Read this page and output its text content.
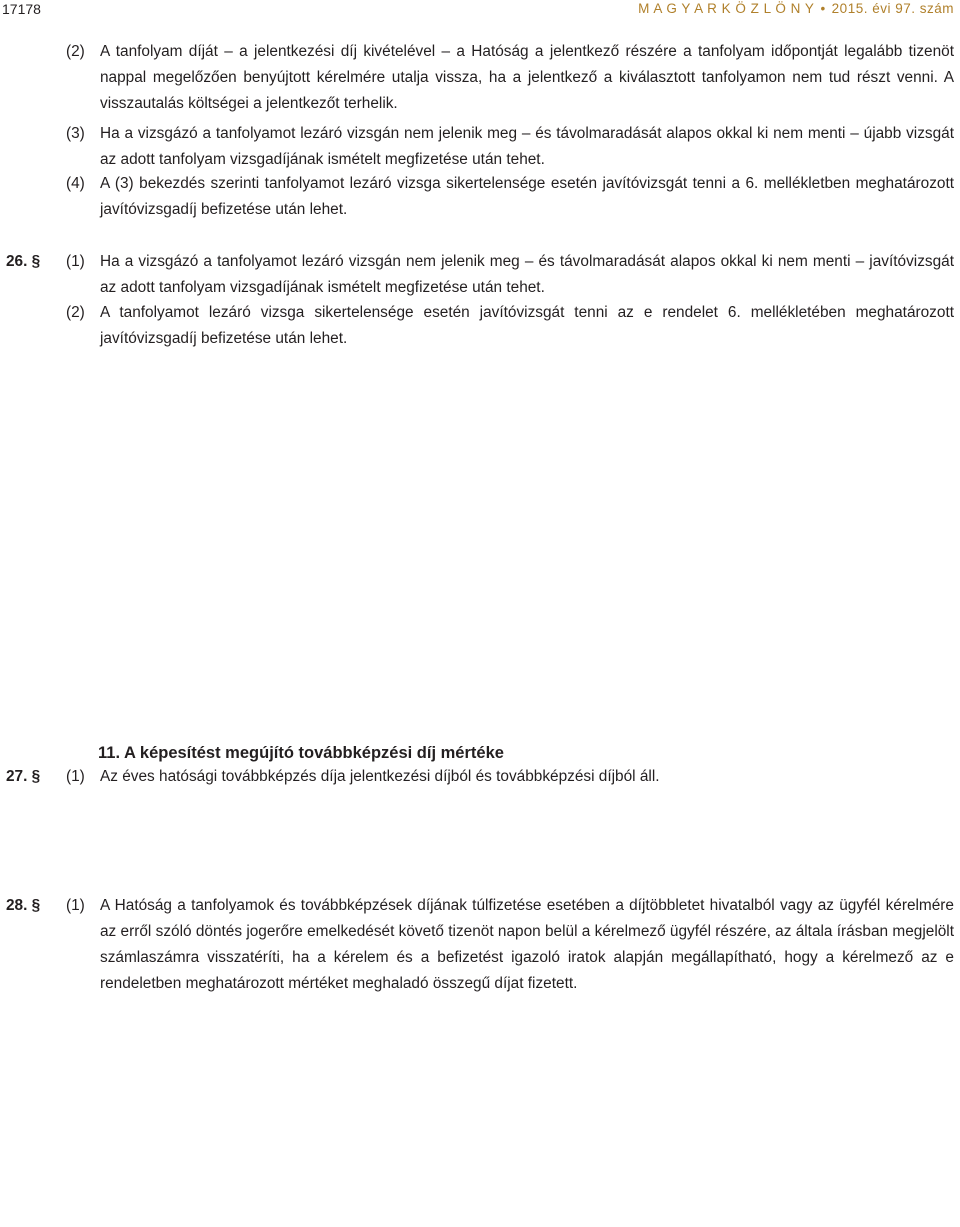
17178	M A G Y A R K Ö Z L Ö N Y • 2015. évi 97. szám
(2) A tanfolyam díját – a jelentkezési díj kivételével – a Hatóság a jelentkező részére a tanfolyam időpontját legalább tizenöt nappal megelőzően benyújtott kérelmére utalja vissza, ha a jelentkező a kiválasztott tanfolyamon nem tud részt venni. A visszautalás költségei a jelentkezőt terhelik.
(3) Ha a vizsgázó a tanfolyamot lezáró vizsgán nem jelenik meg – és távolmaradását alapos okkal ki nem menti – újabb vizsgát az adott tanfolyam vizsgadíjának ismételt megfizetése után tehet.
(4) A (3) bekezdés szerinti tanfolyamot lezáró vizsga sikertelensége esetén javítóvizsgát tenni a 6. mellékletben meghatározott javítóvizsgadíj befizetése után lehet.
26. § (1) Ha a vizsgázó a tanfolyamot lezáró vizsgán nem jelenik meg – és távolmaradását alapos okkal ki nem menti – javítóvizsgát az adott tanfolyam vizsgadíjának ismételt megfizetése után tehet.
(2) A tanfolyamot lezáró vizsga sikertelensége esetén javítóvizsgát tenni az e rendelet 6. mellékletében meghatározott javítóvizsgadíj befizetése után lehet.
11. A képesítést megújító továbbképzési díj mértéke
27. §
28. §
(1) Az éves hatósági továbbképzés díja jelentkezési díjból és továbbképzési díjból áll.
(1) A Hatóság a tanfolyamok és továbbképzések díjának túlfizetése esetében a díjtöbbletet hivatalból vagy az ügyfél kérelmére az erről szóló döntés jogerőre emelkedését követő tizenöt napon belül a kérelmező ügyfél részére, az általa írásban megjelölt számlaszámra visszatéríti, ha a kérelem és a befizetést igazoló iratok alapján megállapítható, hogy a kérelmező az e rendeletben meghatározott mértéket meghaladó összegű díjat fizetett.
